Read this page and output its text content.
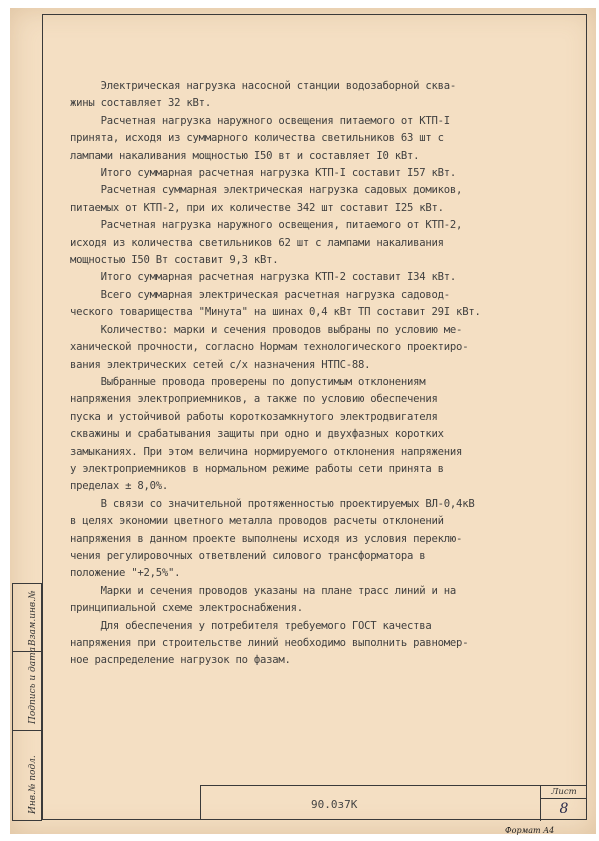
Электрическая нагрузка насосной станции водозаборной сква-

жины составляет 32 кВт.

Расчетная нагрузка наружного освещения питаемого от КТП-I

принята, исходя из суммарного количества светильников 63 шт с

лампами накаливания мощностью I50 вт и составляет I0 кВт.

Итого суммарная расчетная нагрузка КТП-I составит I57 кВт.

Расчетная суммарная электрическая нагрузка садовых домиков,

питаемых от КТП-2, при их количестве 342 шт составит I25 кВт.

Расчетная нагрузка наружного освещения, питаемого от КТП-2,

исходя из количества светильников 62 шт с лампами накаливания

мощностью I50 Вт составит 9,3 кВт.

Итого суммарная расчетная нагрузка КТП-2 составит I34 кВт.

Всего суммарная электрическая расчетная нагрузка садовод-

ческого товарищества "Минута" на шинах 0,4 кВт ТП составит 29I кВт.

Количество: марки и сечения проводов выбраны по условию ме-

ханической прочности, согласно Нормам технологического проектиро-

вания электрических сетей с/х назначения НТПС-88.

Выбранные провода проверены по допустимым отклонениям

напряжения электроприемников, а также по условию обеспечения

пуска и устойчивой работы короткозамкнутого электродвигателя

скважины и срабатывания защиты при одно и двухфазных коротких

замыканиях. При этом величина нормируемого отклонения напряжения

у электроприемников в нормальном режиме работы сети принята в

пределах ± 8,0%.

В связи со значительной протяженностью проектируемых ВЛ-0,4кВ

в целях экономии цветного металла проводов расчеты отклонений

напряжения в данном проекте выполнены исходя из условия переклю-

чения регулировочных ответвлений силового трансформатора в

положение "+2,5%".

Марки и сечения проводов указаны на плане трасс линий и на

принципиальной схеме электроснабжения.

Для обеспечения у потребителя требуемого ГОСТ качества

напряжения при строительстве линий необходимо выполнить равномер-

ное распределение нагрузок по фазам.

Взам.инв.№
Подпись и дата
Инв.№ подл.	90.0з7К
Лист
8
Формат А4
